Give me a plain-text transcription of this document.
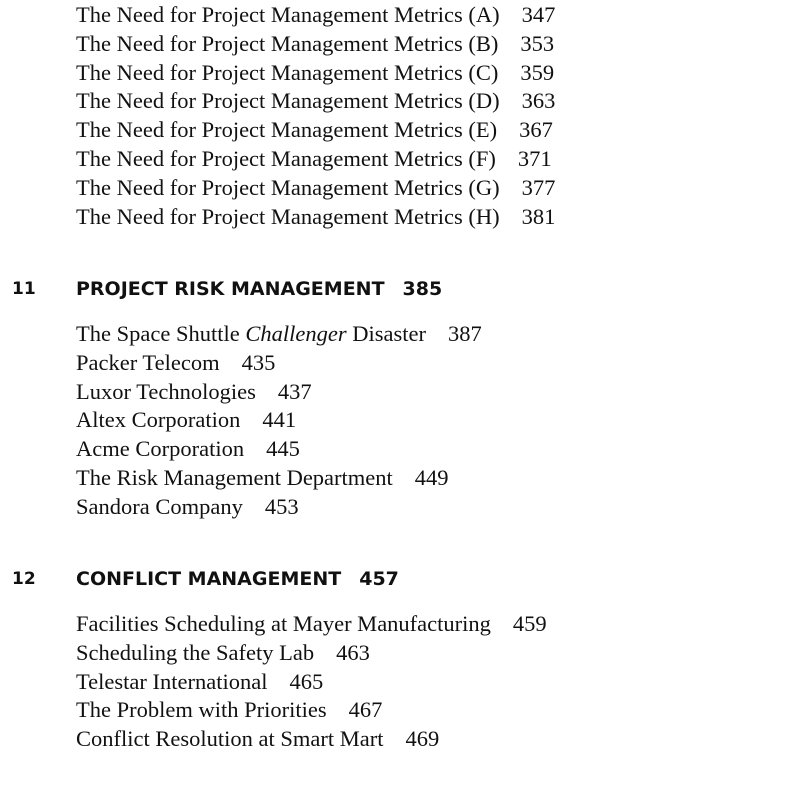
The Need for Project Management Metrics (A) 347
The Need for Project Management Metrics (B) 353
The Need for Project Management Metrics (C) 359
The Need for Project Management Metrics (D) 363
The Need for Project Management Metrics (E) 367
The Need for Project Management Metrics (F) 371
The Need for Project Management Metrics (G) 377
The Need for Project Management Metrics (H) 381
11 PROJECT RISK MANAGEMENT 385
The Space Shuttle Challenger Disaster 387
Packer Telecom 435
Luxor Technologies 437
Altex Corporation 441
Acme Corporation 445
The Risk Management Department 449
Sandora Company 453
12 CONFLICT MANAGEMENT 457
Facilities Scheduling at Mayer Manufacturing 459
Scheduling the Safety Lab 463
Telestar International 465
The Problem with Priorities 467
Conflict Resolution at Smart Mart 469
